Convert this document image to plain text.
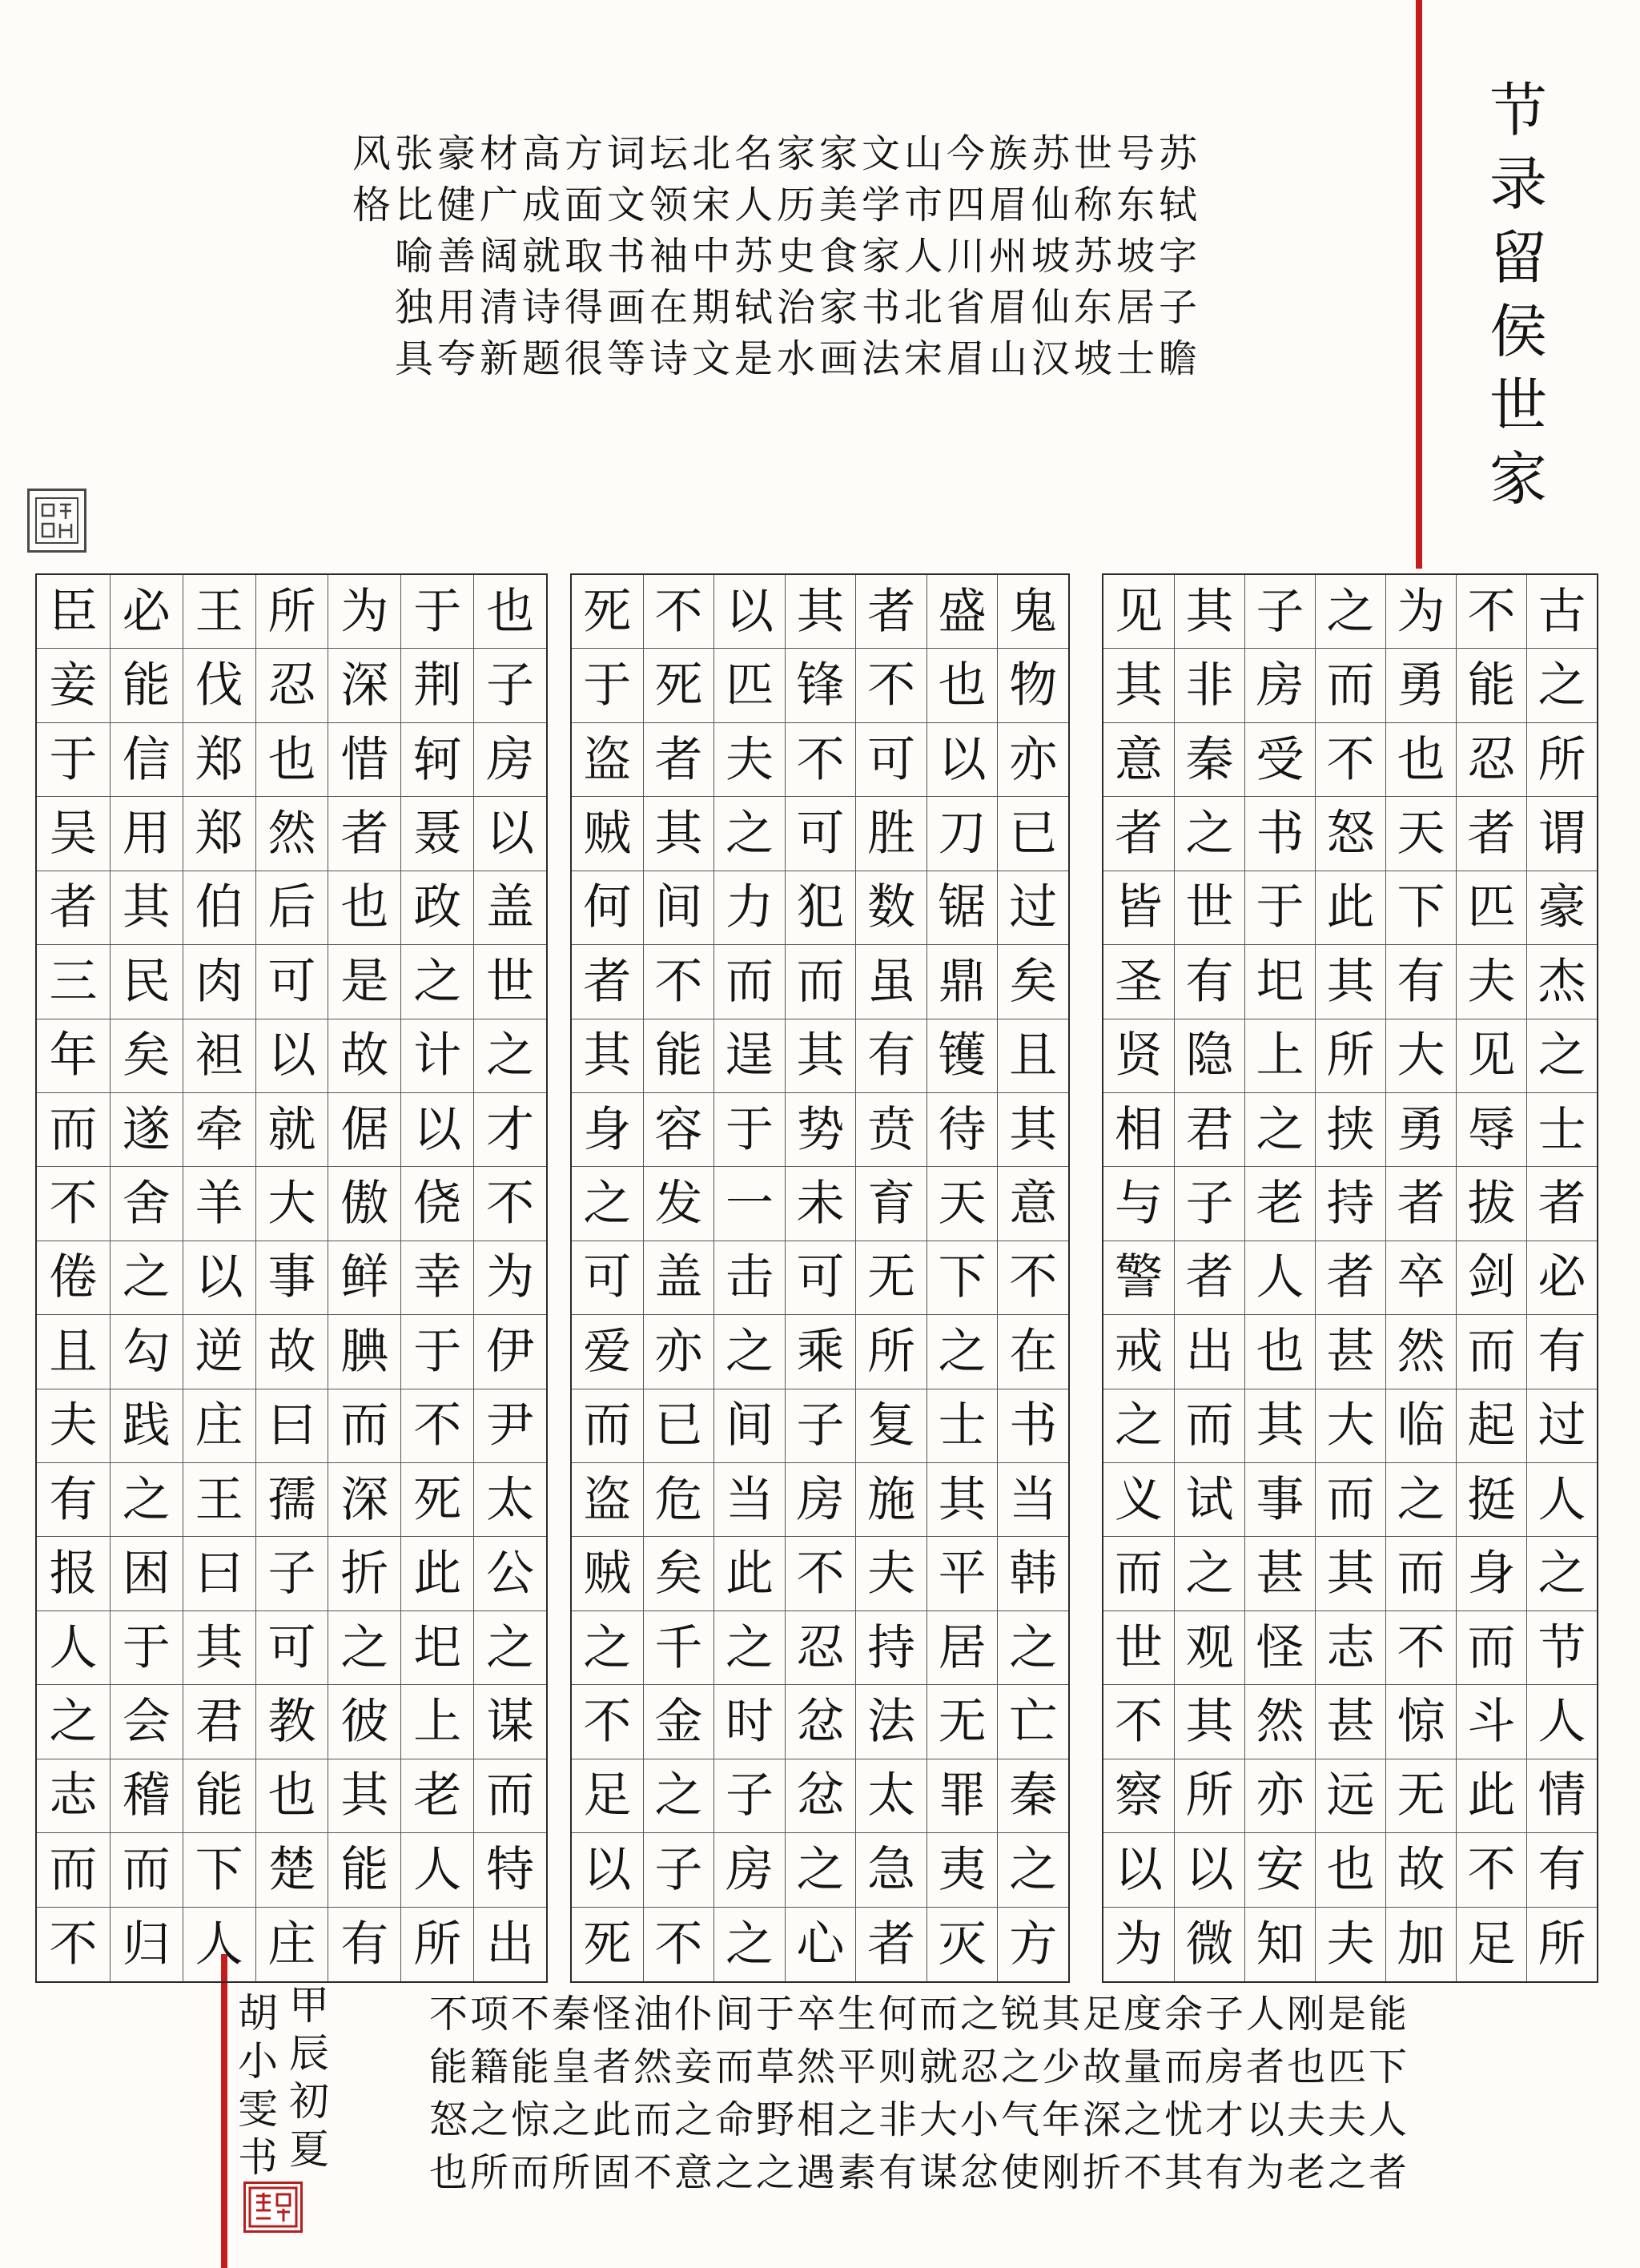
节
录
留
侯
世
家
风张豪材高方词坛北名家家文山今族苏世号苏
格比健广成面文领宋人历美学市四眉仙称东轼
喻善阔就取书袖中苏史食家人川州坡苏坡字
独用清诗得画在期轼治家书北省眉仙东居子
具夸新题很等诗文是水画法宋眉山汉坡士瞻
古
之
所
谓
豪
杰
之
士
者
必
有
过
人
之
节
人
情
有
所
不
能
忍
者
匹
夫
见
辱
拔
剑
而
起
挺
身
而
斗
此
不
足
为
勇
也
天
下
有
大
勇
者
卒
然
临
之
而
不
惊
无
故
加
之
而
不
怒
此
其
所
挟
持
者
甚
大
而
其
志
甚
远
也
夫
子
房
受
书
于
圯
上
之
老
人
也
其
事
甚
怪
然
亦
安
知
其
非
秦
之
世
有
隐
君
子
者
出
而
试
之
观
其
所
以
微
见
其
意
者
皆
圣
贤
相
与
警
戒
之
义
而
世
不
察
以
为
鬼
物
亦
已
过
矣
且
其
意
不
在
书
当
韩
之
亡
秦
之
方
盛
也
以
刀
锯
鼎
镬
待
天
下
之
士
其
平
居
无
罪
夷
灭
者
不
可
胜
数
虽
有
贲
育
无
所
复
施
夫
持
法
太
急
者
其
锋
不
可
犯
而
其
势
未
可
乘
子
房
不
忍
忿
忿
之
心
以
匹
夫
之
力
而
逞
于
一
击
之
间
当
此
之
时
子
房
之
不
死
者
其
间
不
能
容
发
盖
亦
已
危
矣
千
金
之
子
不
死
于
盗
贼
何
者
其
身
之
可
爱
而
盗
贼
之
不
足
以
死
也
子
房
以
盖
世
之
才
不
为
伊
尹
太
公
之
谋
而
特
出
于
荆
轲
聂
政
之
计
以
侥
幸
于
不
死
此
圯
上
老
人
所
为
深
惜
者
也
是
故
倨
傲
鲜
腆
而
深
折
之
彼
其
能
有
所
忍
也
然
后
可
以
就
大
事
故
曰
孺
子
可
教
也
楚
庄
王
伐
郑
郑
伯
肉
袒
牵
羊
以
逆
庄
王
曰
其
君
能
下
人
必
能
信
用
其
民
矣
遂
舍
之
勾
践
之
困
于
会
稽
而
归
臣
妾
于
吴
者
三
年
而
不
倦
且
夫
有
报
人
之
志
而
不
胡
小
雯
书
甲
辰
初
夏
不项不秦怪油仆间于卒生何而之锐其足度余子人刚是能
能籍能皇者然妾而草然平则就忍之少故量而房者也匹下
怒之惊之此而之命野相之非大小气年深之忧才以夫夫人
也所而所固不意之之遇素有谋忿使刚折不其有为老之者
